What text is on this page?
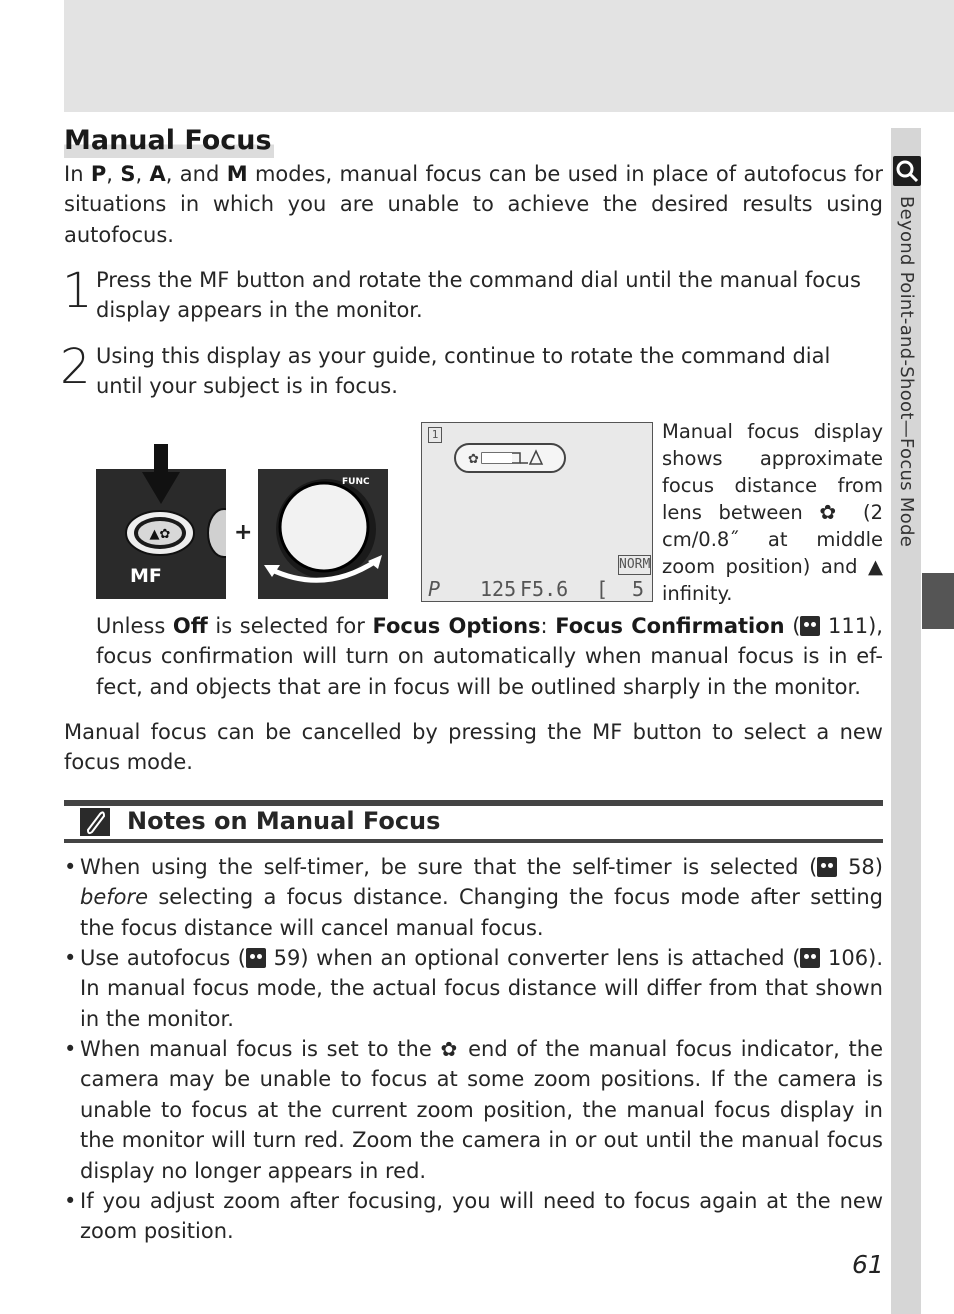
Beyond Point-and-Shoot—Focus Mode
Manual Focus

In P, S, A, and M modes, manual focus can be used in place of autofocus for situations in which you are unable to achieve the desired results using autofocus.

1 Press the MF button and rotate the command dial until the manual focus display appears in the monitor.

2 Using this display as your guide, continue to rotate the command dial until your subject is in focus.

▲✿
MF
+
FUNC
1
✿
P 125 F5.6
NORM
[ 5

Manual focus display shows approximate focus distance from lens between ✿ (2 cm/0.8˝ at middle zoom position) and ▲ infinity.

Unless Off is selected for Focus Options: Focus Confirmation ( 111), focus confirmation will turn on automatically when manual focus is in ef-fect, and objects that are in focus will be outlined sharply in the monitor.

Manual focus can be cancelled by pressing the MF button to select a new focus mode.

Notes on Manual Focus

• When using the self-timer, be sure that the self-timer is selected ( 58) before selecting a focus distance. Changing the focus mode after setting the focus distance will cancel manual focus.

• Use autofocus ( 59) when an optional converter lens is attached ( 106). In manual focus mode, the actual focus distance will differ from that shown in the monitor.

• When manual focus is set to the ✿ end of the manual focus indicator, the camera may be unable to focus at some zoom positions. If the camera is unable to focus at the current zoom position, the manual focus display in the monitor will turn red. Zoom the camera in or out until the manual focus display no longer appears in red.

• If you adjust zoom after focusing, you will need to focus again at the new zoom position.

61
